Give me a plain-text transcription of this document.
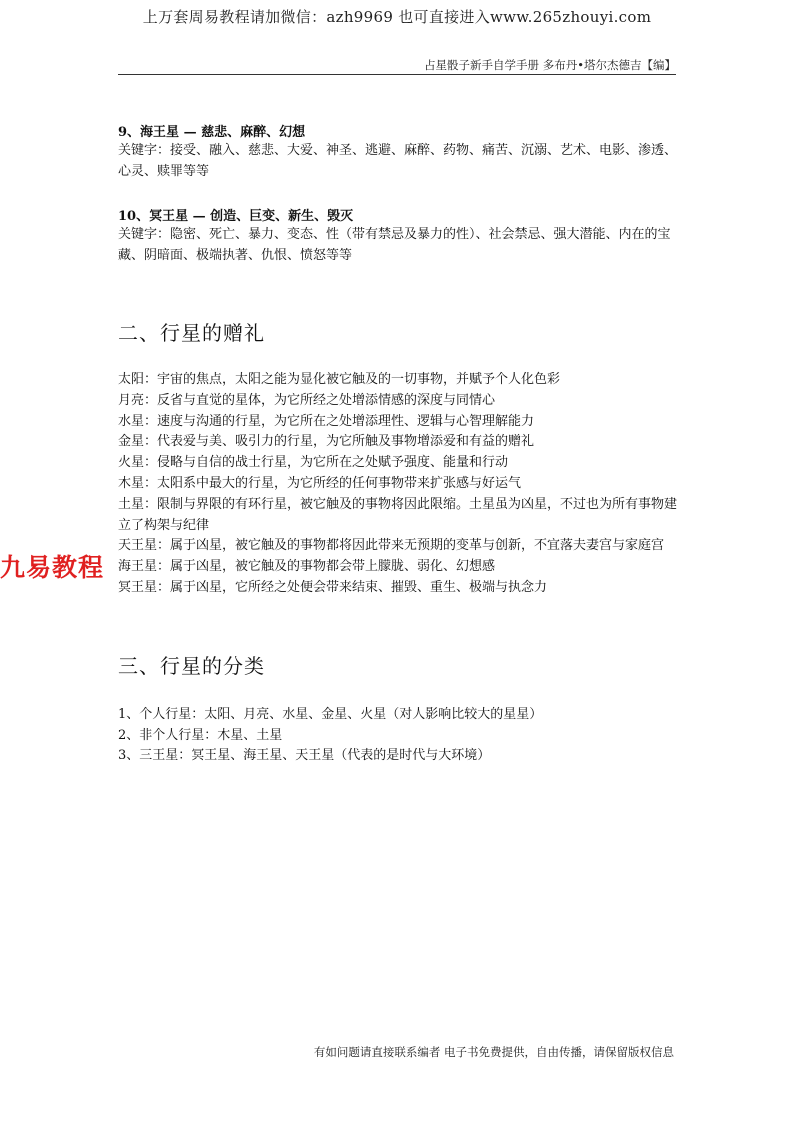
上万套周易教程请加微信：azh9969 也可直接进入www.265zhouyi.com
占星骰子新手自学手册 多布丹•塔尔杰德吉【编】
9、海王星 — 慈悲、麻醉、幻想
关键字：接受、融入、慈悲、大爱、神圣、逃避、麻醉、药物、痛苦、沉溺、艺术、电影、渗透、心灵、赎罪等等
10、冥王星 — 创造、巨变、新生、毁灭
关键字：隐密、死亡、暴力、变态、性（带有禁忌及暴力的性）、社会禁忌、强大潜能、内在的宝藏、阴暗面、极端执著、仇恨、愤怒等等
二、行星的赠礼
太阳：宇宙的焦点，太阳之能为显化被它触及的一切事物，并赋予个人化色彩
月亮：反省与直觉的星体，为它所经之处增添情感的深度与同情心
水星：速度与沟通的行星，为它所在之处增添理性、逻辑与心智理解能力
金星：代表爱与美、吸引力的行星，为它所触及事物增添爱和有益的赠礼
火星：侵略与自信的战士行星，为它所在之处赋予强度、能量和行动
木星：太阳系中最大的行星，为它所经的任何事物带来扩张感与好运气
土星：限制与界限的有环行星，被它触及的事物将因此限缩。土星虽为凶星，不过也为所有事物建立了构架与纪律
天王星：属于凶星，被它触及的事物都将因此带来无预期的变革与创新，不宜落夫妻宫与家庭宫
海王星：属于凶星，被它触及的事物都会带上朦胧、弱化、幻想感
冥王星：属于凶星，它所经之处便会带来结束、摧毁、重生、极端与执念力
三、行星的分类
1、个人行星：太阳、月亮、水星、金星、火星（对人影响比较大的星星）
2、非个人行星：木星、土星
3、三王星：冥王星、海王星、天王星（代表的是时代与大环境）
九易教程
有如问题请直接联系编者 电子书免费提供，自由传播，请保留版权信息
